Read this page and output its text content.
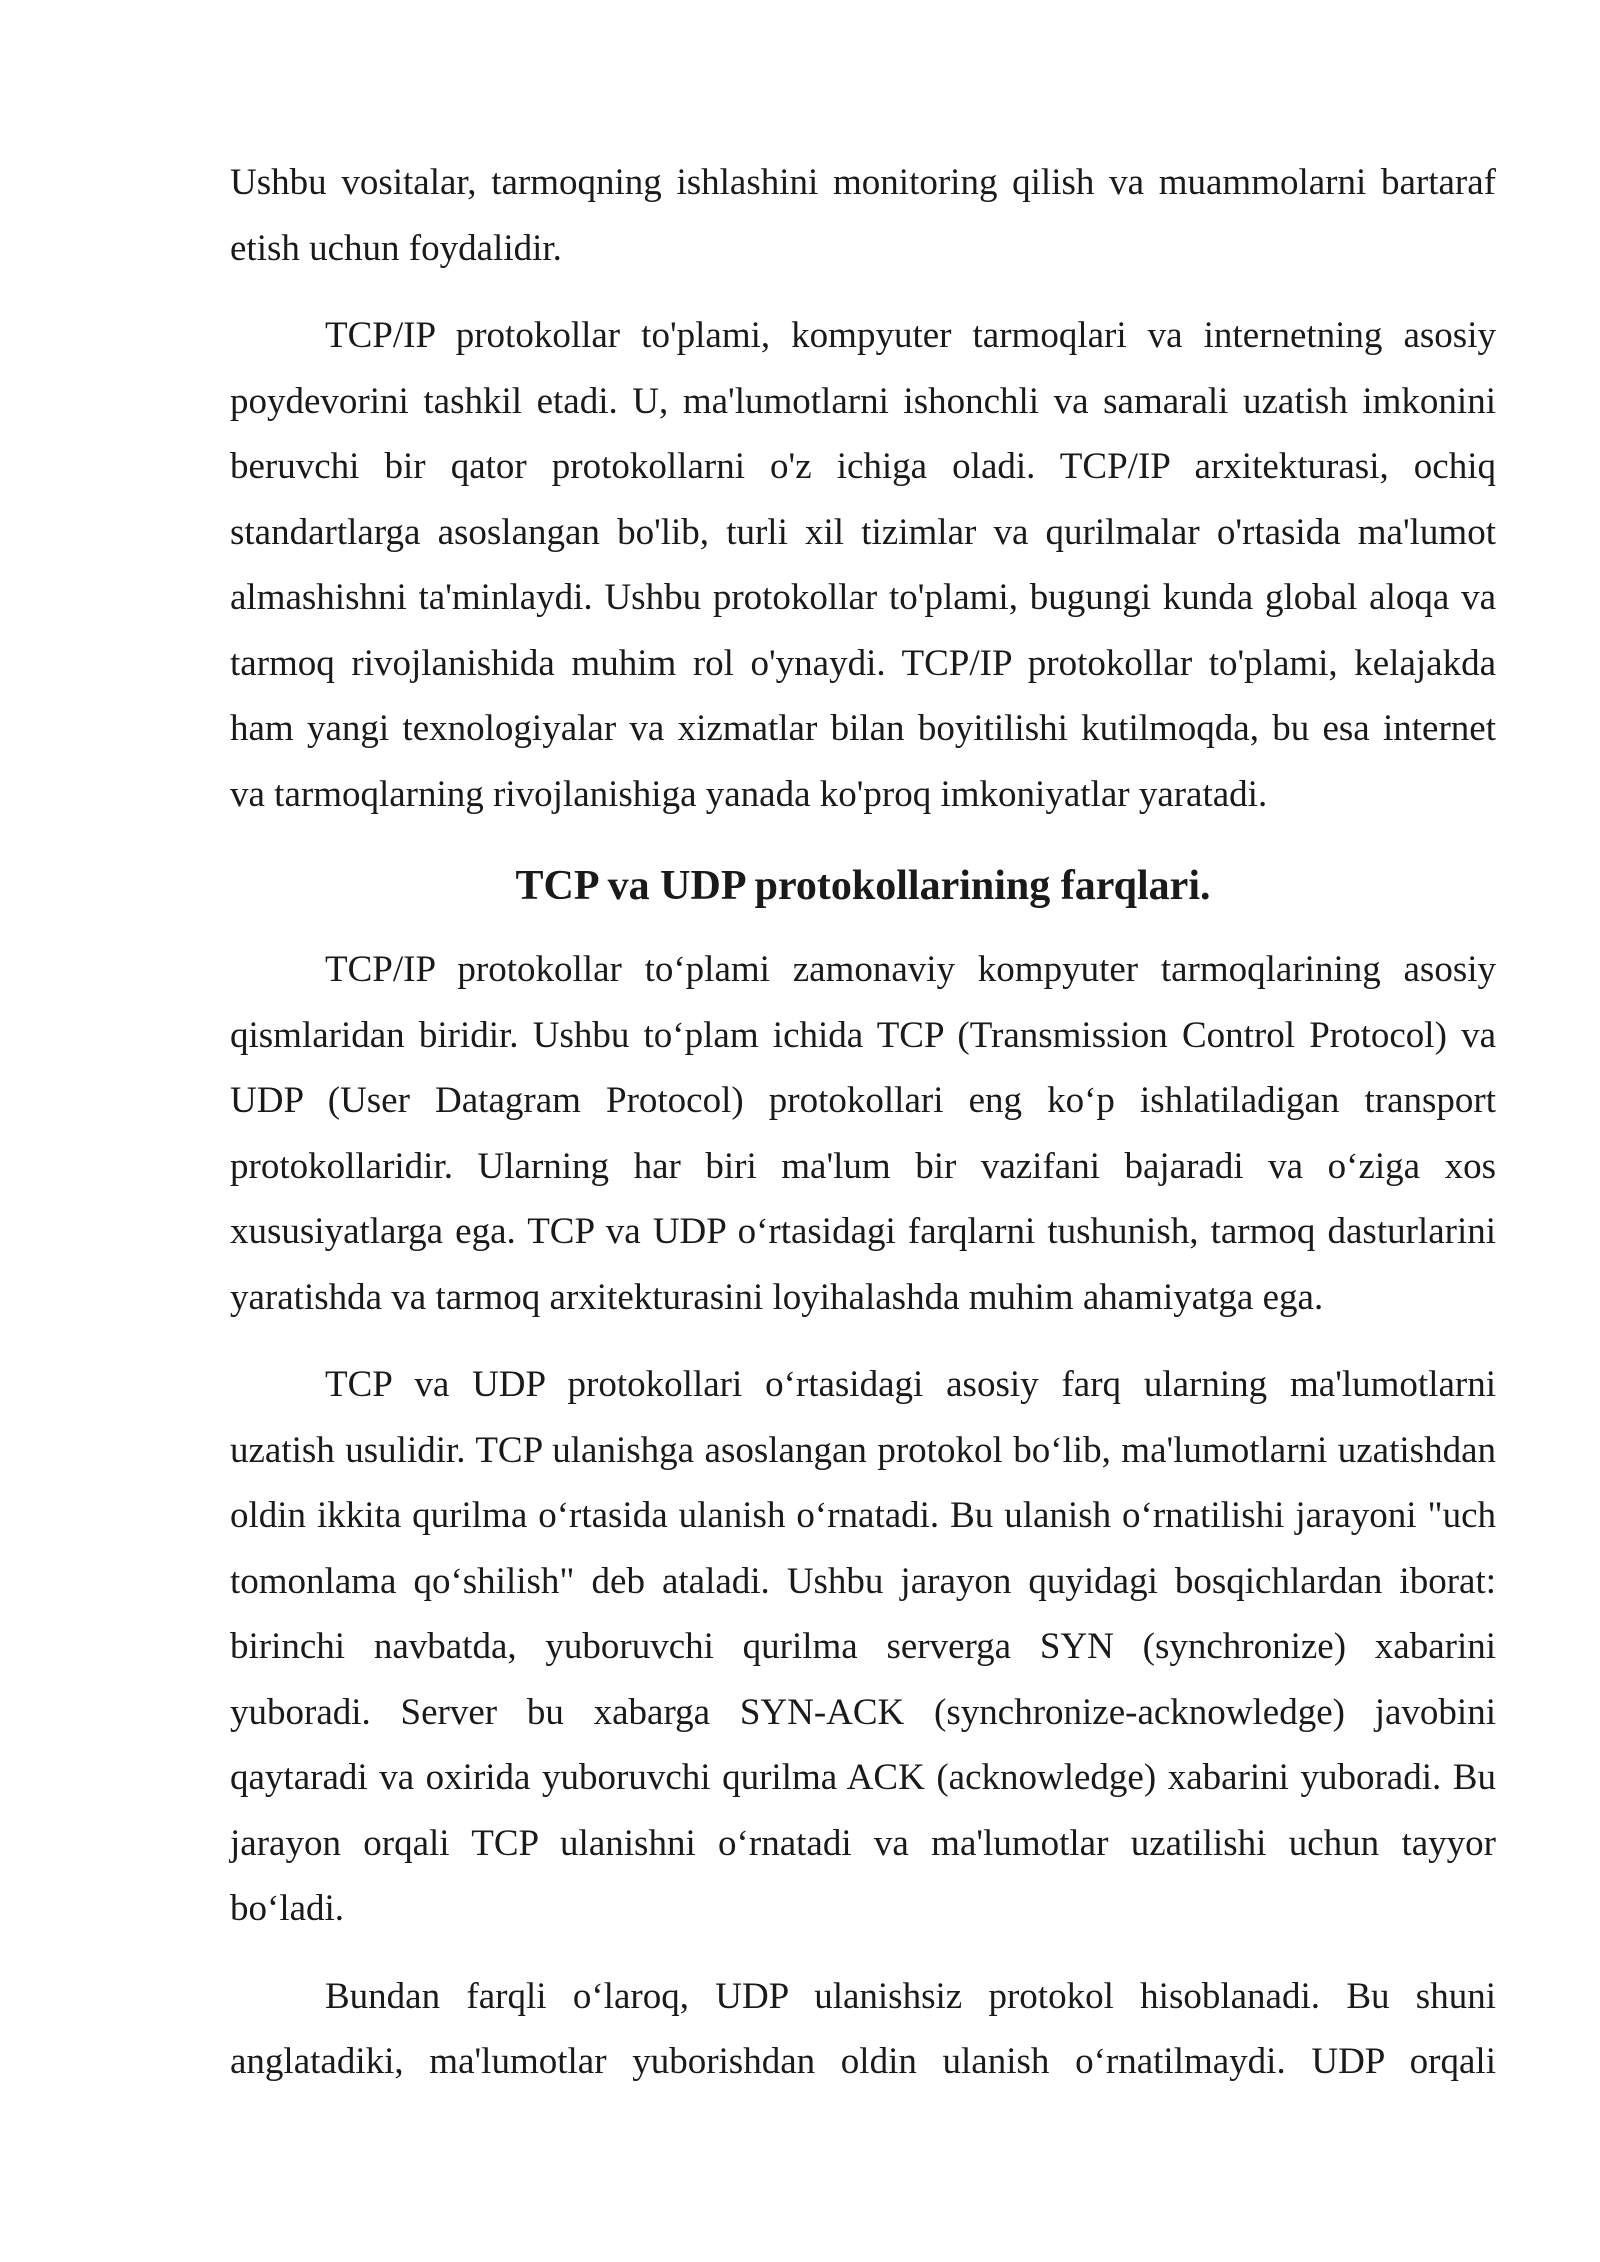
Ushbu vositalar, tarmoqning ishlashini monitoring qilish va muammolarni bartaraf etish uchun foydalidir.

TCP/IP protokollar to'plami, kompyuter tarmoqlari va internetning asosiy poydevorini tashkil etadi. U, ma'lumotlarni ishonchli va samarali uzatish imkonini beruvchi bir qator protokollarni o'z ichiga oladi. TCP/IP arxitekturasi, ochiq standartlarga asoslangan bo'lib, turli xil tizimlar va qurilmalar o'rtasida ma'lumot almashishni ta'minlaydi. Ushbu protokollar to'plami, bugungi kunda global aloqa va tarmoq rivojlanishida muhim rol o'ynaydi. TCP/IP protokollar to'plami, kelajakda ham yangi texnologiyalar va xizmatlar bilan boyitilishi kutilmoqda, bu esa internet va tarmoqlarning rivojlanishiga yanada ko'proq imkoniyatlar yaratadi.

TCP va UDP protokollarining farqlari.

TCP/IP protokollar to‘plami zamonaviy kompyuter tarmoqlarining asosiy qismlaridan biridir. Ushbu to‘plam ichida TCP (Transmission Control Protocol) va UDP (User Datagram Protocol) protokollari eng ko‘p ishlatiladigan transport protokollaridir. Ularning har biri ma'lum bir vazifani bajaradi va o‘ziga xos xususiyatlarga ega. TCP va UDP o‘rtasidagi farqlarni tushunish, tarmoq dasturlarini yaratishda va tarmoq arxitekturasini loyihalashda muhim ahamiyatga ega.

TCP va UDP protokollari o‘rtasidagi asosiy farq ularning ma'lumotlarni uzatish usulidir. TCP ulanishga asoslangan protokol bo‘lib, ma'lumotlarni uzatishdan oldin ikkita qurilma o‘rtasida ulanish o‘rnatadi. Bu ulanish o‘rnatilishi jarayoni "uch tomonlama qo‘shilish" deb ataladi. Ushbu jarayon quyidagi bosqichlardan iborat: birinchi navbatda, yuboruvchi qurilma serverga SYN (synchronize) xabarini yuboradi. Server bu xabarga SYN-ACK (synchronize-acknowledge) javobini qaytaradi va oxirida yuboruvchi qurilma ACK (acknowledge) xabarini yuboradi. Bu jarayon orqali TCP ulanishni o‘rnatadi va ma'lumotlar uzatilishi uchun tayyor bo‘ladi.

Bundan farqli o‘laroq, UDP ulanishsiz protokol hisoblanadi. Bu shuni anglatadiki, ma'lumotlar yuborishdan oldin ulanish o‘rnatilmaydi. UDP orqali
